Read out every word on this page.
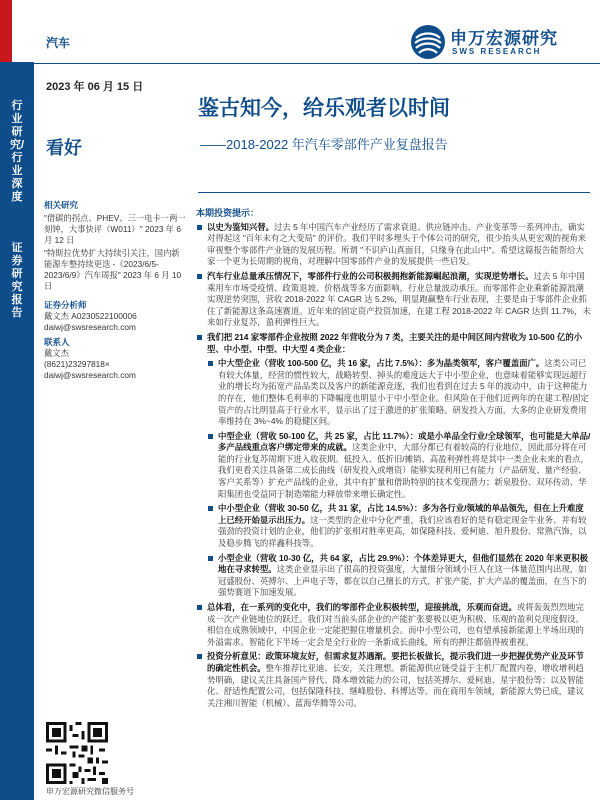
行业研究/行业深度
证券研究报告
汽车
2023 年 06 月 15 日
看好
申万宏源研究
SWS RESEARCH
鉴古知今，给乐观者以时间
——2018-2022 年汽车零部件产业复盘报告
相关研究
"借碳的拐点、PHEV、三一电卡一两一刻钟，大事快评（W011）" 2023 年 6 月 12 日
"特斯拉优势扩大持续引关注，国内新能源车整持续更迭 -《2023/6/5-2023/6/9》汽车周报" 2023 年 6 月 10 日
证券分析师
戴文杰 A0230522100006
daiwj@swsresearch.com
联系人
戴文杰
(8621)23297818×
daiwj@swsresearch.com
申万宏源研究微信服务号
本期投资提示：
以史为鉴知兴替。过去 5 年中国汽车产业经历了需求衰退、供应链冲击、产业变革等一系列冲击，确实对得起这 "百年未有之大变局" 的评价。我们平时多埋头于个体公司的研究，很少抬头从更宏观的视角来审视整个零部件产业链的发展历程。所谓 "不识庐山真面目，只缘身在此山中"。希望这篇报告能帮给大家一个更为长周期的视角，对理解中国零部件产业的发展提供一些启发。
汽车行业总量承压情况下，零部件行业的公司积极拥抱新能源崛起浪潮，实现逆势增长。过去 5 年中国乘用车市场受疫情、政策退坡、价格战等多方面影响，行业总量波动承压。而零部件企业乘新能源浪潮实现逆势突围，营收 2018-2022 年 CAGR 达 5.2%，明显跑赢整车行业表现，主要是由于零部件企业抓住了新能源这条高速赛道。近年来的固定资产投资加速，在建工程 2018-2022 年 CAGR 达到 11.7%，未来如行业复苏，盈利弹性巨大。
我们把 214 家零部件企业按照 2022 年营收分为 7 类，主要关注的是中间区间内营收为 10-500 亿的小型、中小型、中型、中大型 4 类企业：
中大型企业（营收 100-500 亿，共 16 家，占比 7.5%）：多为晶类领军，客户覆盖面广。这类公司已有较大体量，经营的惯性较大，战略转型、掉头的难度远大于中小型企业，也意味着能够实现远超行业的增长均为拓宽产品品类以及客户的新能源竞逐，我们也看到在过去 5 年的波动中，由于这种能力的存在，他们整体毛利率的下降幅度也明显小于中小型企业。但风险在于他们近两年的在建工程/固定资产的占比明显高于行业水平，显示出了过于激进的扩张策略。研发投入方面，大多的企业研发费用率维持在 3%~4% 的稳健区间。
中型企业（营收 50-100 亿，共 25 家，占比 11.7%）：或是小单品全行业/全球领军，也可能是大单品/多产品线重点客户绑定带来的成就。这类企业中，大部分都已有着较高的行业地位，因此部分将在可能的行业复苏周期下进入收获期。低投入、低折旧/摊销、高盈利弹性将是其中一类企业未来的看点，我们更看关注具备第二成长曲线（研发投入或增资）能够实现利用已有能力（产品研发、量产经验、客户关系等）扩充产品线的企业，其中有扩量和借助特别的技术变现潜力；新泉股份、双环传动、华阳集团也受益同于制造端能力释放带来增长确定性。
中小型企业（营收 30-50 亿，共 31 家，占比 14.5%）：多为各行业/领域的单品领先，但在上升难度上已经开始显示出压力。这一类型的企业中分化严重，我们应该看好的是有稳定现金牛业务、并有较强劲的投资计划的企业，他们的扩张相对胜率更高，如保隆科技、爱柯迪、旭升股份、常熟汽饰，以及稳步腾飞的祥鑫科技等。
小型企业（营收 10-30 亿，共 64 家，占比 29.9%）：个体差异更大，但他们显然在 2020 年来更积极地在寻求转型。这类企业显示出了很高的投资强度，大量细分领域小巨人在这一体量范围内出现，如冠盛股份、英搏尔、上声电子等，都在以自己擅长的方式，扩张产能，扩大产品的覆盖面，在当下的强势赛道下加速发展。
总体看，在一系列的变化中，我们的零部件企业积极转型，迎接挑战，乐观而奋进。或将轰轰烈烈地完成一次产业链地位的跃迁。我们对当前头部企业的产能扩张要极以更为积极、乐观的盈利兑现度假设。相信在成熟领域中，中国企业一定能把握住增量机会。而中小型公司，也有望承接新能源上半场出现的外溢需求。智能化下半场一定会是全行业的一条新成长曲线，所有的押注都值得被重视。
投资分析意见：政策环境友好，但需求复苏遇渐。要把长板做长，提示我们进一步把握优势产业及环节的确定性机会。整车推荐比亚迪、长安，关注理想。新能源供应链受益于主机厂配置内卷，增收增利趋势明确，建议关注具备国产替代、降本增效能力的公司，包括英搏尔、爱柯迪、星宇股份等；以及智能化、舒适性配置公司，包括保隆科技、继峰股份、科博达等。而在商用车领域，新能源大势已成，建议关注湘川智能（机械）、蓝海华腾等公司。
